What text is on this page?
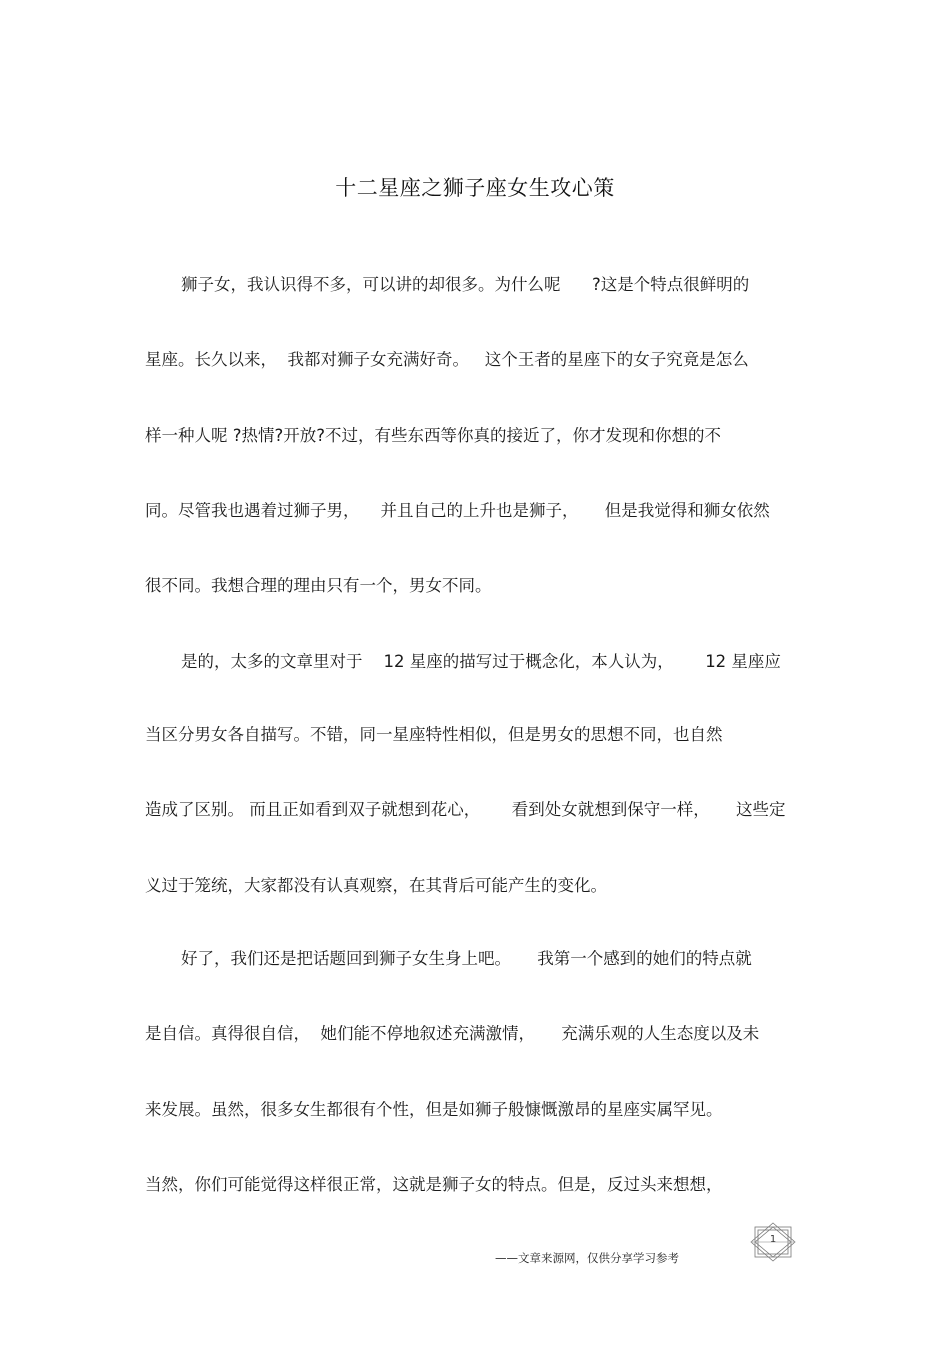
十二星座之狮子座女生攻心策
狮子女，我认识得不多，可以讲的却很多。为什么呢      ?这是个特点很鲜明的
星座。长久以来，  我都对狮子女充满好奇。   这个王者的星座下的女子究竟是怎么
样一种人呢 ?热情?开放?不过，有些东西等你真的接近了，你才发现和你想的不
同。尽管我也遇着过狮子男，    并且自己的上升也是狮子，     但是我觉得和狮女依然
很不同。我想合理的理由只有一个，男女不同。
是的，太多的文章里对于    12 星座的描写过于概念化，本人认为，      12 星座应
当区分男女各自描写。不错，同一星座特性相似，但是男女的思想不同，也自然
造成了区别。 而且正如看到双子就想到花心，      看到处女就想到保守一样，     这些定
义过于笼统，大家都没有认真观察，在其背后可能产生的变化。
好了，我们还是把话题回到狮子女生身上吧。     我第一个感到的她们的特点就
是自信。真得很自信，  她们能不停地叙述充满激情，     充满乐观的人生态度以及未
来发展。虽然，很多女生都很有个性，但是如狮子般慷慨激昂的星座实属罕见。
当然，你们可能觉得这样很正常，这就是狮子女的特点。但是，反过头来想想，
——文章来源网，仅供分享学习参考
1
